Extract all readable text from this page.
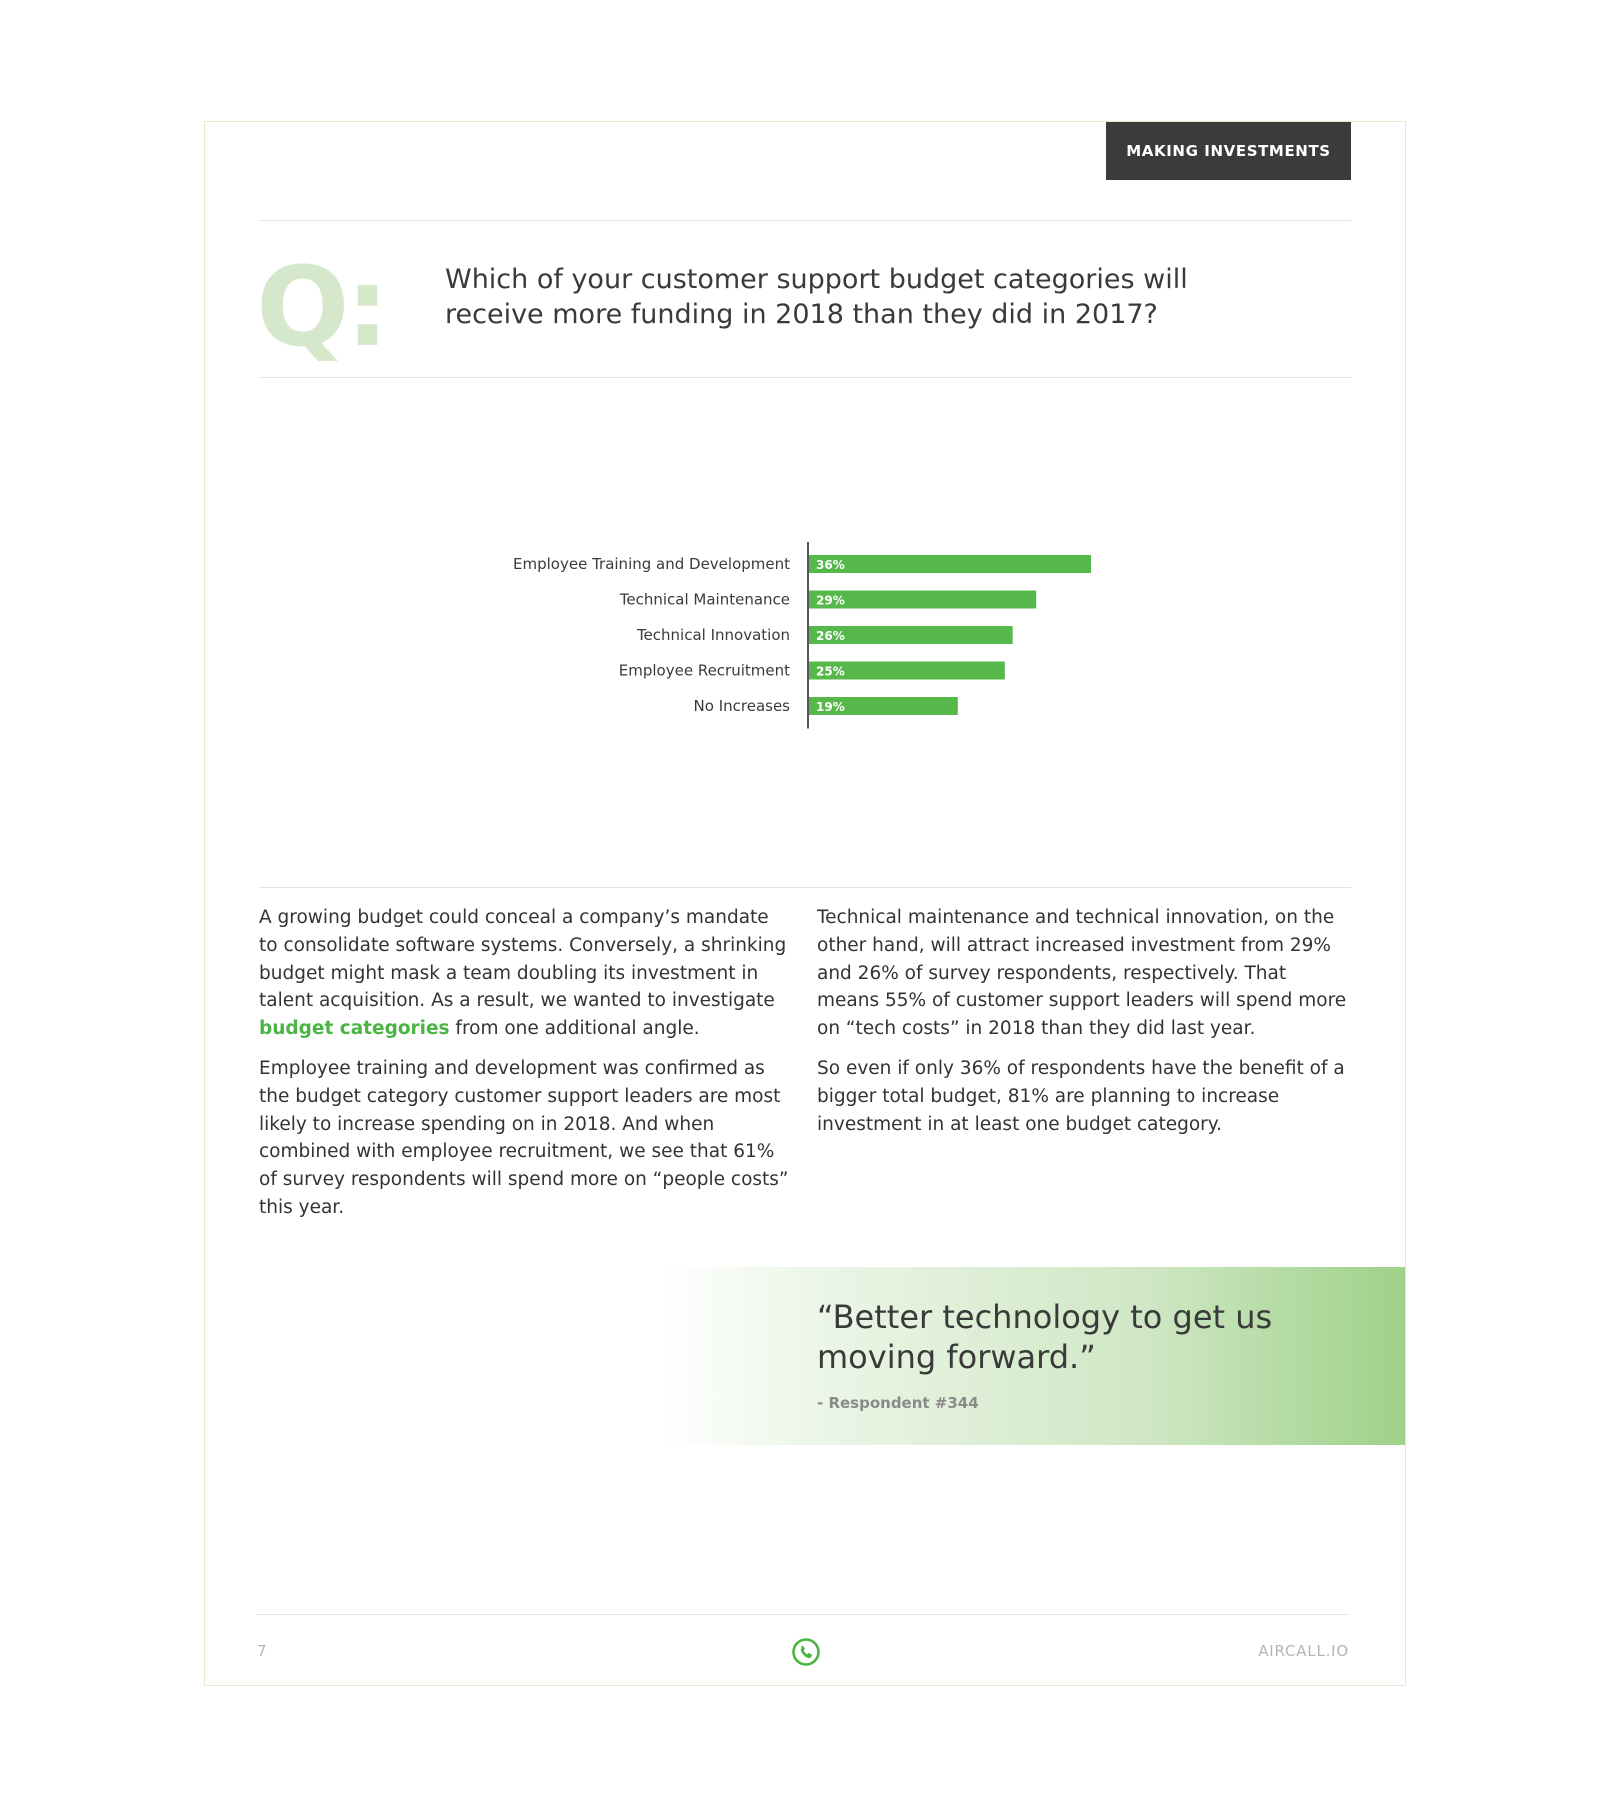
MAKING INVESTMENTS
Q: Which of your customer support budget categories will receive more funding in 2018 than they did in 2017?
Employee Training and Development 36%
Technical Maintenance 29%
Technical Innovation 26%
Employee Recruitment 25%
No Increases 19%

A growing budget could conceal a company’s mandate to consolidate software systems. Conversely, a shrinking budget might mask a team doubling its investment in talent acquisition. As a result, we wanted to investigate budget categories from one additional angle.

Employee training and development was confirmed as the budget category customer support leaders are most likely to increase spending on in 2018. And when combined with employee recruitment, we see that 61% of survey respondents will spend more on “people costs” this year.

Technical maintenance and technical innovation, on the other hand, will attract increased investment from 29% and 26% of survey respondents, respectively. That means 55% of customer support leaders will spend more on “tech costs” in 2018 than they did last year.

So even if only 36% of respondents have the benefit of a bigger total budget, 81% are planning to increase investment in at least one budget category.

“Better technology to get us moving forward.”
- Respondent #344
7	AIRCALL.IO
